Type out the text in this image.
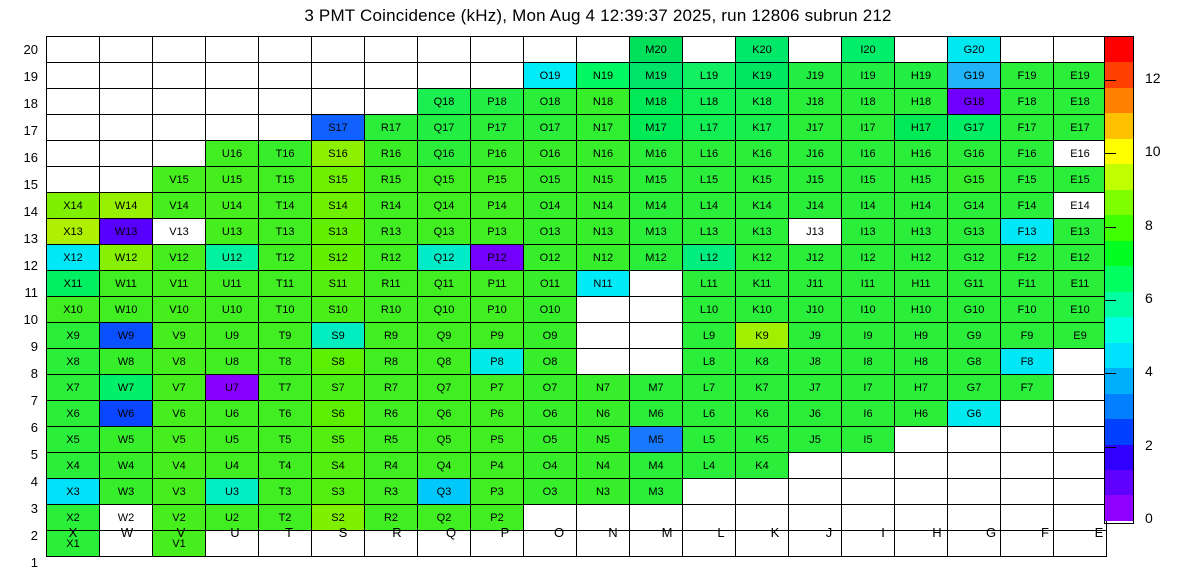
3 PMT Coincidence (kHz), Mon Aug 4 12:39:37 2025, run 12806 subrun 212
20
19
18
17
16
15
14
13
12
11
10
9
8
7
6
5
4
3
2
1
											M20		K20		I20		G20		
									O19	N19	M19	L19	K19	J19	I19	H19	G19	F19	E19
							Q18	P18	O18	N18	M18	L18	K18	J18	I18	H18	G18	F18	E18
					S17	R17	Q17	P17	O17	N17	M17	L17	K17	J17	I17	H17	G17	F17	E17
			U16	T16	S16	R16	Q16	P16	O16	N16	M16	L16	K16	J16	I16	H16	G16	F16	E16
		V15	U15	T15	S15	R15	Q15	P15	O15	N15	M15	L15	K15	J15	I15	H15	G15	F15	E15
X14	W14	V14	U14	T14	S14	R14	Q14	P14	O14	N14	M14	L14	K14	J14	I14	H14	G14	F14	E14
X13	W13	V13	U13	T13	S13	R13	Q13	P13	O13	N13	M13	L13	K13	J13	I13	H13	G13	F13	E13
X12	W12	V12	U12	T12	S12	R12	Q12	P12	O12	N12	M12	L12	K12	J12	I12	H12	G12	F12	E12
X11	W11	V11	U11	T11	S11	R11	Q11	P11	O11	N11		L11	K11	J11	I11	H11	G11	F11	E11
X10	W10	V10	U10	T10	S10	R10	Q10	P10	O10			L10	K10	J10	I10	H10	G10	F10	E10
X9	W9	V9	U9	T9	S9	R9	Q9	P9	O9			L9	K9	J9	I9	H9	G9	F9	E9
X8	W8	V8	U8	T8	S8	R8	Q8	P8	O8			L8	K8	J8	I8	H8	G8	F8	
X7	W7	V7	U7	T7	S7	R7	Q7	P7	O7	N7	M7	L7	K7	J7	I7	H7	G7	F7	
X6	W6	V6	U6	T6	S6	R6	Q6	P6	O6	N6	M6	L6	K6	J6	I6	H6	G6		
X5	W5	V5	U5	T5	S5	R5	Q5	P5	O5	N5	M5	L5	K5	J5	I5				
X4	W4	V4	U4	T4	S4	R4	Q4	P4	O4	N4	M4	L4	K4						
X3	W3	V3	U3	T3	S3	R3	Q3	P3	O3	N3	M3								
X2	W2	V2	U2	T2	S2	R2	Q2	P2											
X1		V1																	
X	W	V	U	T	S	R	Q	P	O	N	M	L	K	J	I	H	G	F	E
0
2
4
6
8
10
12
